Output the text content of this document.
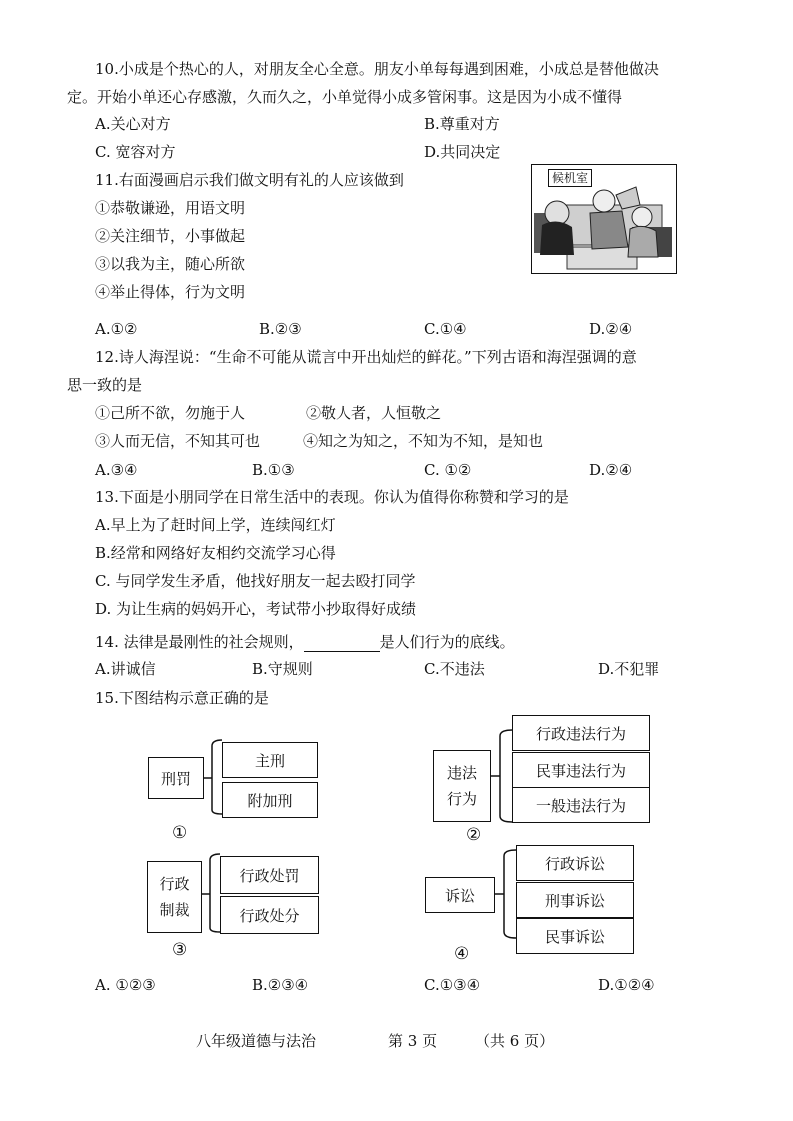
10.小成是个热心的人，对朋友全心全意。朋友小单每每遇到困难，小成总是替他做决
定。开始小单还心存感激，久而久之，小单觉得小成多管闲事。这是因为小成不懂得
A.关心对方	B.尊重对方
C. 宽容对方	D.共同决定
11.右面漫画启示我们做文明有礼的人应该做到
①恭敬谦逊，用语文明
②关注细节，小事做起
③以我为主，随心所欲
④举止得体，行为文明
A.①②	B.②③	C.①④	D.②④
候机室
12.诗人海涅说：“生命不可能从谎言中开出灿烂的鲜花。”下列古语和海涅强调的意
思一致的是
①己所不欲，勿施于人	②敬人者，人恒敬之
③人而无信，不知其可也	④知之为知之，不知为不知，是知也
A.③④	B.①③	C. ①②	D.②④
13.下面是小朋同学在日常生活中的表现。你认为值得你称赞和学习的是
A.早上为了赶时间上学，连续闯红灯
B.经常和网络好友相约交流学习心得
C. 与同学发生矛盾，他找好朋友一起去殴打同学
D. 为让生病的妈妈开心，考试带小抄取得好成绩
14. 法律是最刚性的社会规则，	是人们行为的底线。
A.讲诚信	B.守规则	C.不违法	D.不犯罪
15.下图结构示意正确的是
刑罚
主刑
附加刑
①
违法
行为
行政违法行为
民事违法行为
一般违法行为
②
行政
制裁
行政处罚
行政处分
③
诉讼
行政诉讼
刑事诉讼
民事诉讼
④
A. ①②③	B.②③④	C.①③④	D.①②④
八年级道德与法治	第 3 页	（共 6 页）
